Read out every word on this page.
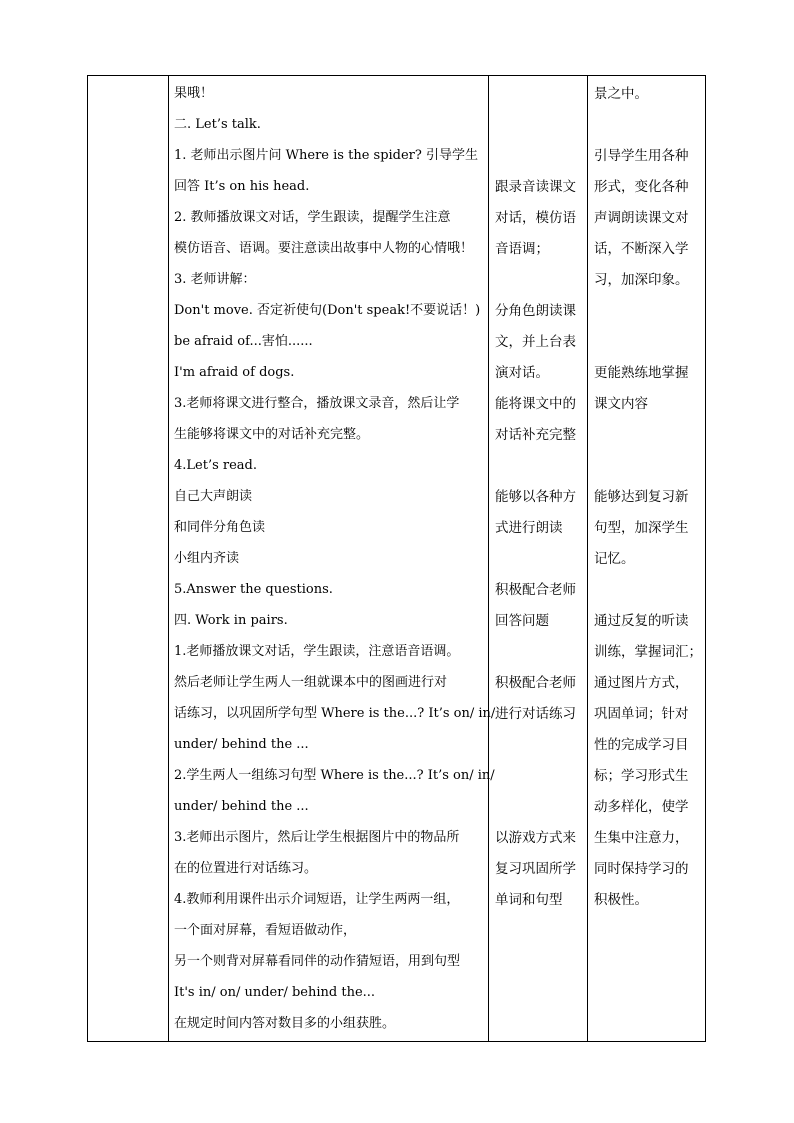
果哦！
二. Let’s talk.
1. 老师出示图片问 Where is the spider? 引导学生
回答 It’s on his head.
2. 教师播放课文对话，学生跟读，提醒学生注意
模仿语音、语调。要注意读出故事中人物的心情哦！
3. 老师讲解：
Don't move. 否定祈使句(Don't speak!不要说话！)
be afraid of...害怕......
I'm afraid of dogs.
3.老师将课文进行整合，播放课文录音，然后让学
生能够将课文中的对话补充完整。
4.Let’s read.
自己大声朗读
和同伴分角色读
小组内齐读
5.Answer the questions.
四. Work in pairs.
1.老师播放课文对话，学生跟读，注意语音语调。
然后老师让学生两人一组就课本中的图画进行对
话练习，以巩固所学句型 Where is the...? It’s on/ in/
under/ behind the ...
2.学生两人一组练习句型 Where is the...? It’s on/ in/
under/ behind the ...
3.老师出示图片，然后让学生根据图片中的物品所
在的位置进行对话练习。
4.教师利用课件出示介词短语，让学生两两一组，
一个面对屏幕，看短语做动作，
另一个则背对屏幕看同伴的动作猜短语，用到句型
It's in/ on/ under/ behind the...
在规定时间内答对数目多的小组获胜。
跟录音读课文
对话，模仿语
音语调；
分角色朗读课
文，并上台表
演对话。
能将课文中的
对话补充完整
能够以各种方
式进行朗读
积极配合老师
回答问题
积极配合老师
进行对话练习
以游戏方式来
复习巩固所学
单词和句型
景之中。
引导学生用各种
形式，变化各种
声调朗读课文对
话，不断深入学
习，加深印象。
更能熟练地掌握
课文内容
能够达到复习新
句型，加深学生
记忆。
通过反复的听读
训练，掌握词汇；
通过图片方式，
巩固单词；针对
性的完成学习目
标；学习形式生
动多样化，使学
生集中注意力，
同时保持学习的
积极性。
